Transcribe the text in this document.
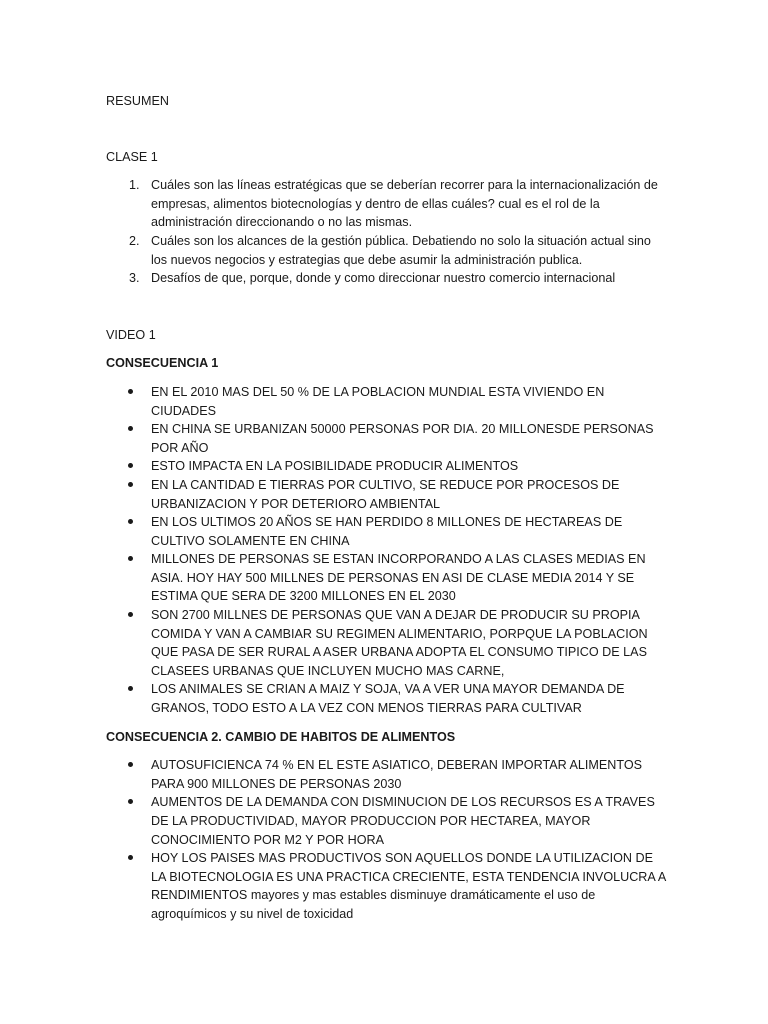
RESUMEN

CLASE 1

1. Cuáles son las líneas estratégicas que se deberían recorrer para la internacionalización de empresas, alimentos biotecnologías y dentro de ellas cuáles? cual es el rol de la administración direccionando o no las mismas.
2. Cuáles son los alcances de la gestión pública. Debatiendo no solo la situación actual sino los nuevos negocios y estrategias que debe asumir la administración publica.
3. Desafíos de que, porque, donde y como direccionar nuestro comercio internacional

VIDEO 1

CONSECUENCIA 1

EN EL 2010 MAS DEL 50 % DE LA POBLACION MUNDIAL ESTA VIVIENDO EN CIUDADES
EN CHINA SE URBANIZAN 50000 PERSONAS POR DIA. 20 MILLONESDE PERSONAS POR AÑO
ESTO IMPACTA EN LA POSIBILIDADE PRODUCIR ALIMENTOS
EN LA CANTIDAD E TIERRAS POR CULTIVO, SE REDUCE POR PROCESOS DE URBANIZACION Y POR DETERIORO AMBIENTAL
EN LOS ULTIMOS 20 AÑOS SE HAN PERDIDO 8 MILLONES DE HECTAREAS DE CULTIVO SOLAMENTE EN CHINA
MILLONES DE PERSONAS SE ESTAN INCORPORANDO A LAS CLASES MEDIAS EN ASIA. HOY HAY 500 MILLNES DE PERSONAS EN ASI DE CLASE MEDIA 2014 Y SE ESTIMA QUE SERA DE 3200 MILLONES EN EL 2030
SON 2700 MILLNES DE PERSONAS QUE VAN A DEJAR DE PRODUCIR SU PROPIA COMIDA Y VAN A CAMBIAR SU REGIMEN ALIMENTARIO, PORPQUE LA POBLACION QUE PASA DE SER RURAL A ASER URBANA ADOPTA EL CONSUMO TIPICO DE LAS CLASEES URBANAS QUE INCLUYEN MUCHO MAS CARNE,
LOS ANIMALES SE CRIAN A MAIZ Y SOJA, VA A VER UNA MAYOR DEMANDA DE GRANOS, TODO ESTO A LA VEZ CON MENOS TIERRAS PARA CULTIVAR

CONSECUENCIA 2. CAMBIO DE HABITOS DE ALIMENTOS

AUTOSUFICIENCA 74 % EN EL ESTE ASIATICO, DEBERAN IMPORTAR ALIMENTOS PARA 900 MILLONES DE PERSONAS 2030
AUMENTOS DE LA DEMANDA CON DISMINUCION DE LOS RECURSOS ES A TRAVES DE LA PRODUCTIVIDAD, MAYOR PRODUCCION POR HECTAREA, MAYOR CONOCIMIENTO POR M2 Y POR HORA
HOY LOS PAISES MAS PRODUCTIVOS SON AQUELLOS DONDE LA UTILIZACION DE LA BIOTECNOLOGIA ES UNA PRACTICA CRECIENTE, ESTA TENDENCIA INVOLUCRA A RENDIMIENTOS mayores y mas estables disminuye dramáticamente el uso de agroquímicos y su nivel de toxicidad
